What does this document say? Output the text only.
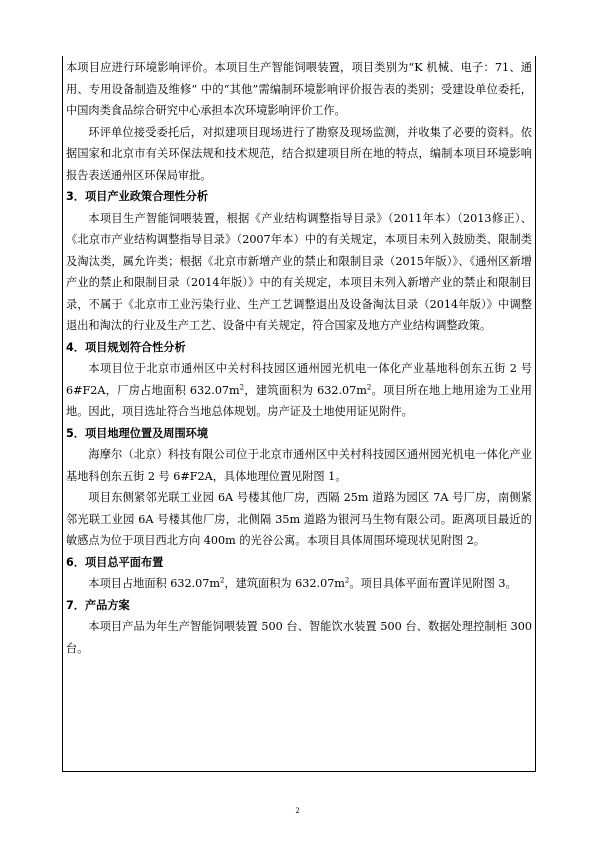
本项目应进行环境影响评价。本项目生产智能饲喂装置，项目类别为“K 机械、电子：71、通用、专用设备制造及维修” 中的“其他”需编制环境影响评价报告表的类别；受建设单位委托，中国肉类食品综合研究中心承担本次环境影响评价工作。

环评单位接受委托后，对拟建项目现场进行了勘察及现场监测，并收集了必要的资料。依据国家和北京市有关环保法规和技术规范，结合拟建项目所在地的特点，编制本项目环境影响报告表送通州区环保局审批。

3．项目产业政策合理性分析

本项目生产智能饲喂装置，根据《产业结构调整指导目录》（2011年本）（2013修正）、《北京市产业结构调整指导目录》（2007年本）中的有关规定，本项目未列入鼓励类、限制类及淘汰类，属允许类；根据《北京市新增产业的禁止和限制目录（2015年版）》、《通州区新增产业的禁止和限制目录（2014年版）》中的有关规定，本项目未列入新增产业的禁止和限制目录，不属于《北京市工业污染行业、生产工艺调整退出及设备淘汰目录（2014年版）》中调整退出和淘汰的行业及生产工艺、设备中有关规定，符合国家及地方产业结构调整政策。

4．项目规划符合性分析

本项目位于北京市通州区中关村科技园区通州园光机电一体化产业基地科创东五街 2 号 6#F2A，厂房占地面积 $632.07m^2$，建筑面积为 $632.07m^2$。项目所在地上地用途为工业用地。因此，项目选址符合当地总体规划。房产证及土地使用证见附件。

5．项目地理位置及周围环境

海摩尔（北京）科技有限公司位于北京市通州区中关村科技园区通州园光机电一体化产业基地科创东五街 2 号 6#F2A，具体地理位置见附图 1。

项目东侧紧邻光联工业园 6A 号楼其他厂房，西隔 25m 道路为园区 7A 号厂房，南侧紧邻光联工业园 6A 号楼其他厂房，北侧隔 35m 道路为银河马生物有限公司。距离项目最近的敏感点为位于项目西北方向 400m 的光谷公寓。本项目具体周围环境现状见附图 2。

6．项目总平面布置

本项目占地面积 $632.07m^2$，建筑面积为 $632.07m^2$。项目具体平面布置详见附图 3。

7．产品方案

本项目产品为年生产智能饲喂装置 500 台、智能饮水装置 500 台、数据处理控制柜 300 台。

2
